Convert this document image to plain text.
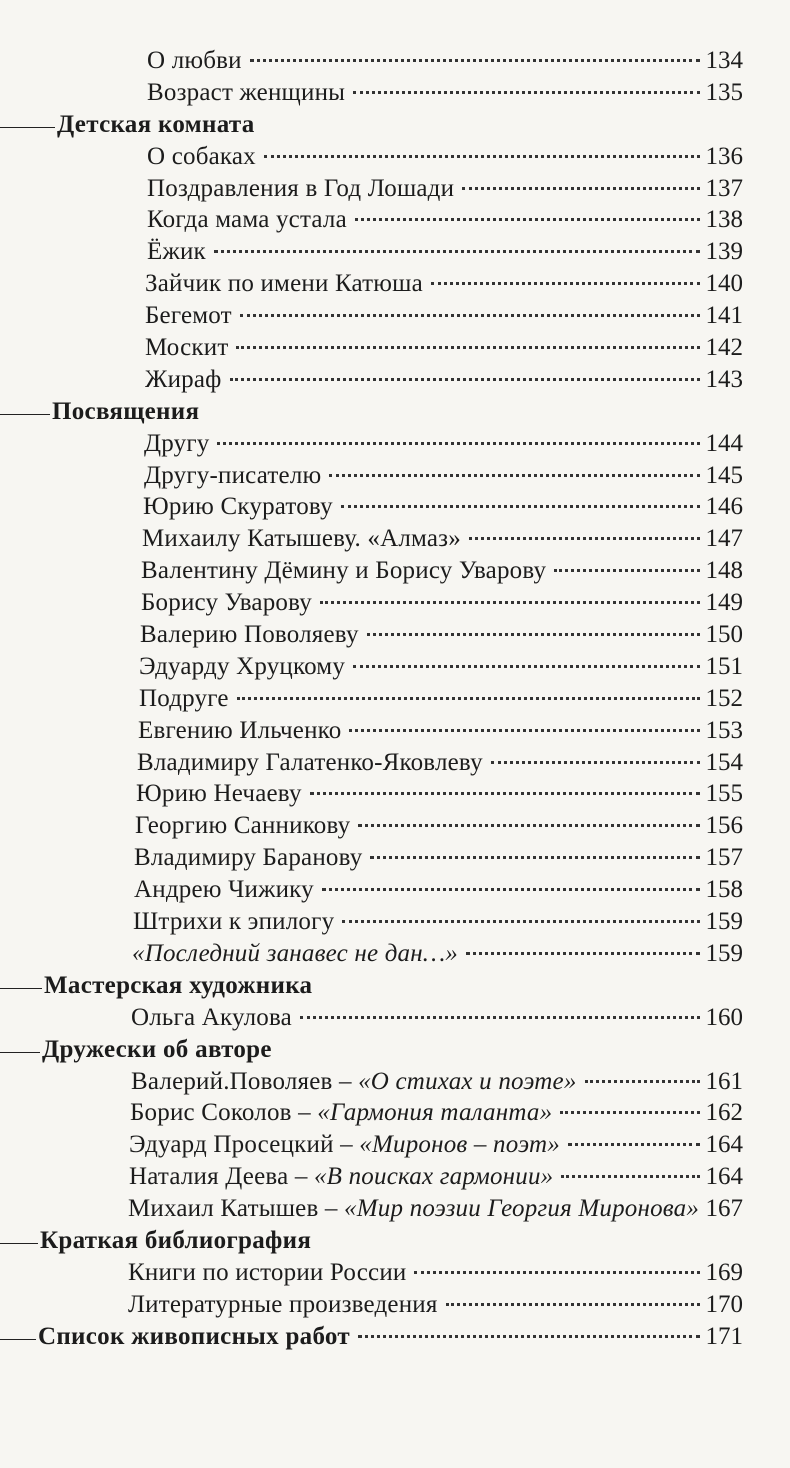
О любви	134
Возраст женщины	135
Детская комната
О собаках	136
Поздравления в Год Лошади	137
Когда мама устала	138
Ёжик	139
Зайчик по имени Катюша	140
Бегемот	141
Москит	142
Жираф	143
Посвящения
Другу	144
Другу-писателю	145
Юрию Скуратову	146
Михаилу Катышеву. «Алмаз»	147
Валентину Дёмину и Борису Уварову	148
Борису Уварову	149
Валерию Поволяеву	150
Эдуарду Хруцкому	151
Подруге	152
Евгению Ильченко	153
Владимиру Галатенко-Яковлеву	154
Юрию Нечаеву	155
Георгию Санникову	156
Владимиру Баранову	157
Андрею Чижику	158
Штрихи к эпилогу	159
«Последний занавес не дан…»	159
Мастерская художника
Ольга Акулова	160
Дружески об авторе
Валерий.Поволяев – «О стихах и поэте»	161
Борис Соколов – «Гармония таланта»	162
Эдуард Просецкий – «Миронов – поэт»	164
Наталия Деева – «В поисках гармонии»	164
Михаил Катышев – «Мир поэзии Георгия Миронова» 167
Краткая библиография
Книги по истории России	169
Литературные произведения	170
Список живописных работ	171
